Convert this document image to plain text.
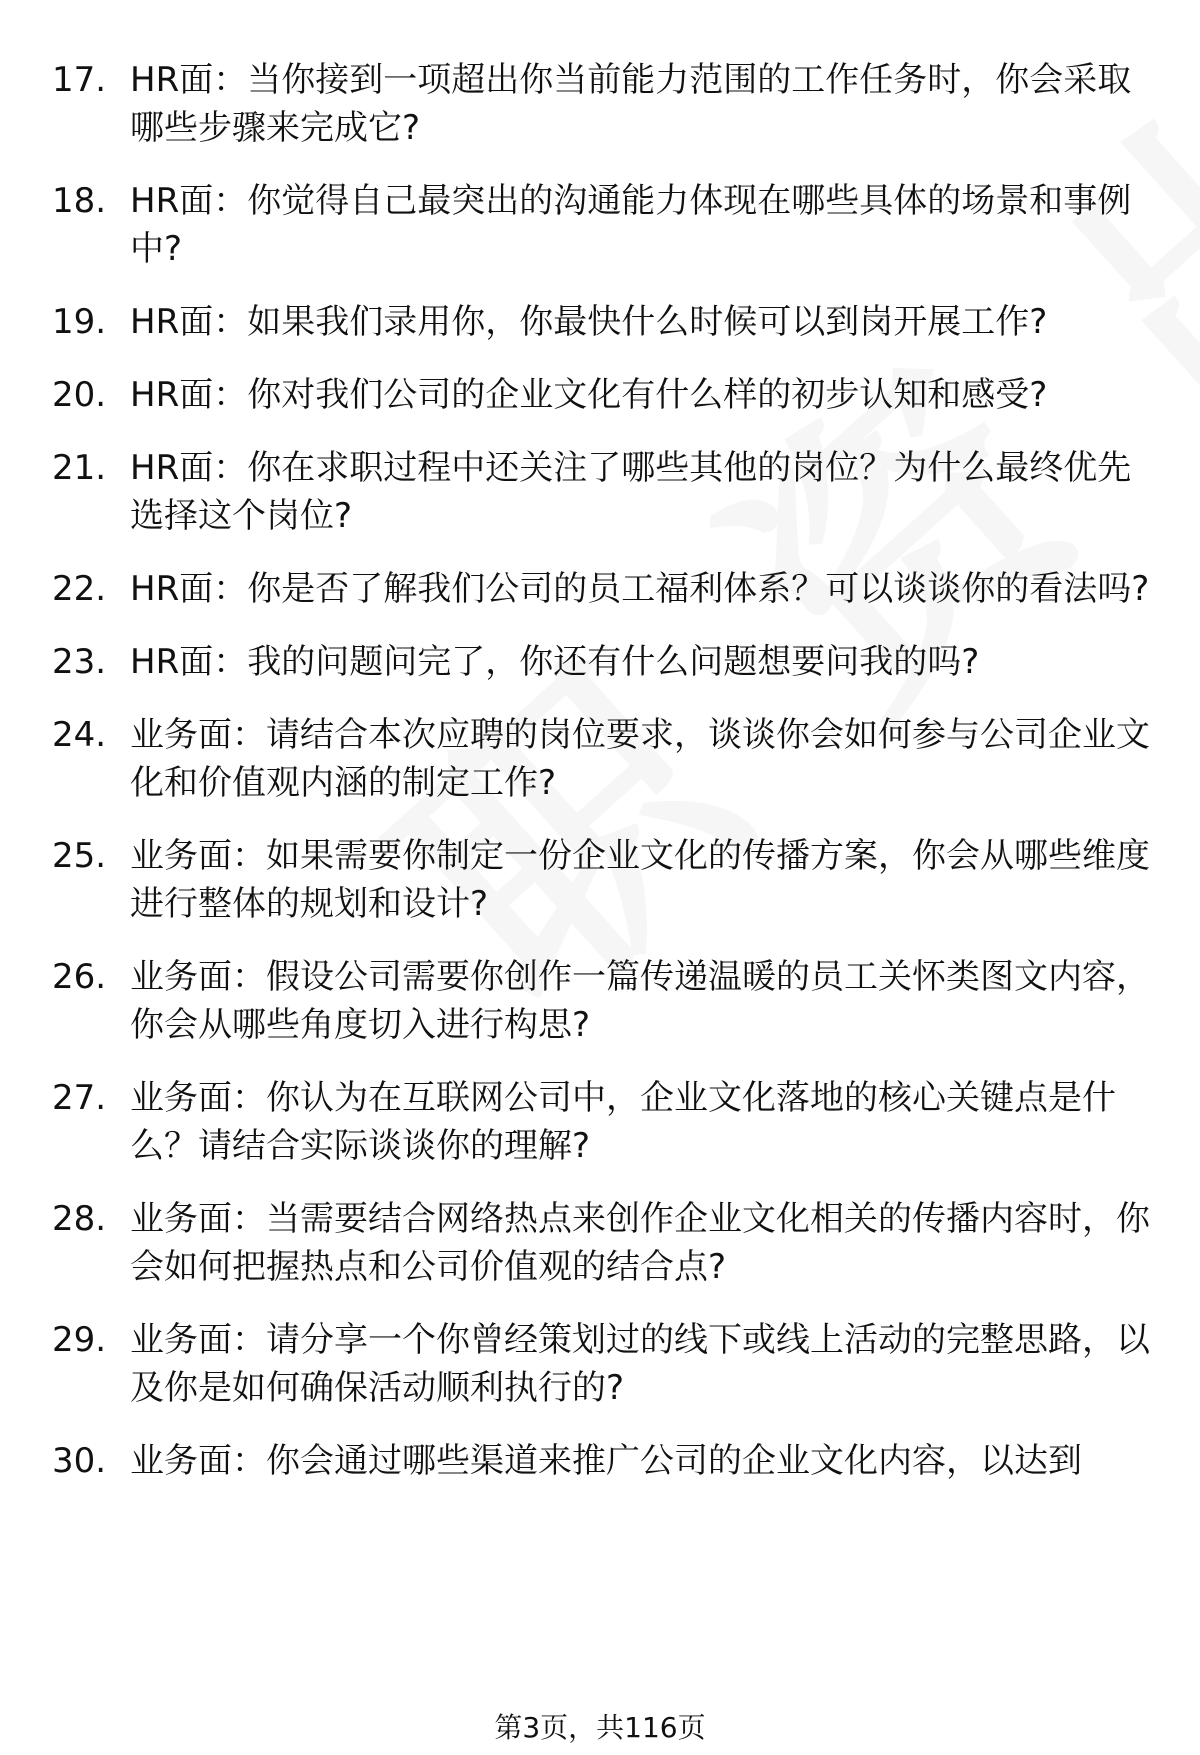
17. HR面：当你接到一项超出你当前能力范围的工作任务时，你会采取哪些步骤来完成它?
18. HR面：你觉得自己最突出的沟通能力体现在哪些具体的场景和事例中?
19. HR面：如果我们录用你，你最快什么时候可以到岗开展工作?
20. HR面：你对我们公司的企业文化有什么样的初步认知和感受?
21. HR面：你在求职过程中还关注了哪些其他的岗位？为什么最终优先选择这个岗位?
22. HR面：你是否了解我们公司的员工福利体系？可以谈谈你的看法吗?
23. HR面：我的问题问完了，你还有什么问题想要问我的吗?
24. 业务面：请结合本次应聘的岗位要求，谈谈你会如何参与公司企业文化和价值观内涵的制定工作?
25. 业务面：如果需要你制定一份企业文化的传播方案，你会从哪些维度进行整体的规划和设计?
26. 业务面：假设公司需要你创作一篇传递温暖的员工关怀类图文内容，你会从哪些角度切入进行构思?
27. 业务面：你认为在互联网公司中，企业文化落地的核心关键点是什么？请结合实际谈谈你的理解?
28. 业务面：当需要结合网络热点来创作企业文化相关的传播内容时，你会如何把握热点和公司价值观的结合点?
29. 业务面：请分享一个你曾经策划过的线下或线上活动的完整思路，以及你是如何确保活动顺利执行的?
30. 业务面：你会通过哪些渠道来推广公司的企业文化内容，以达到
第3页，共116页
